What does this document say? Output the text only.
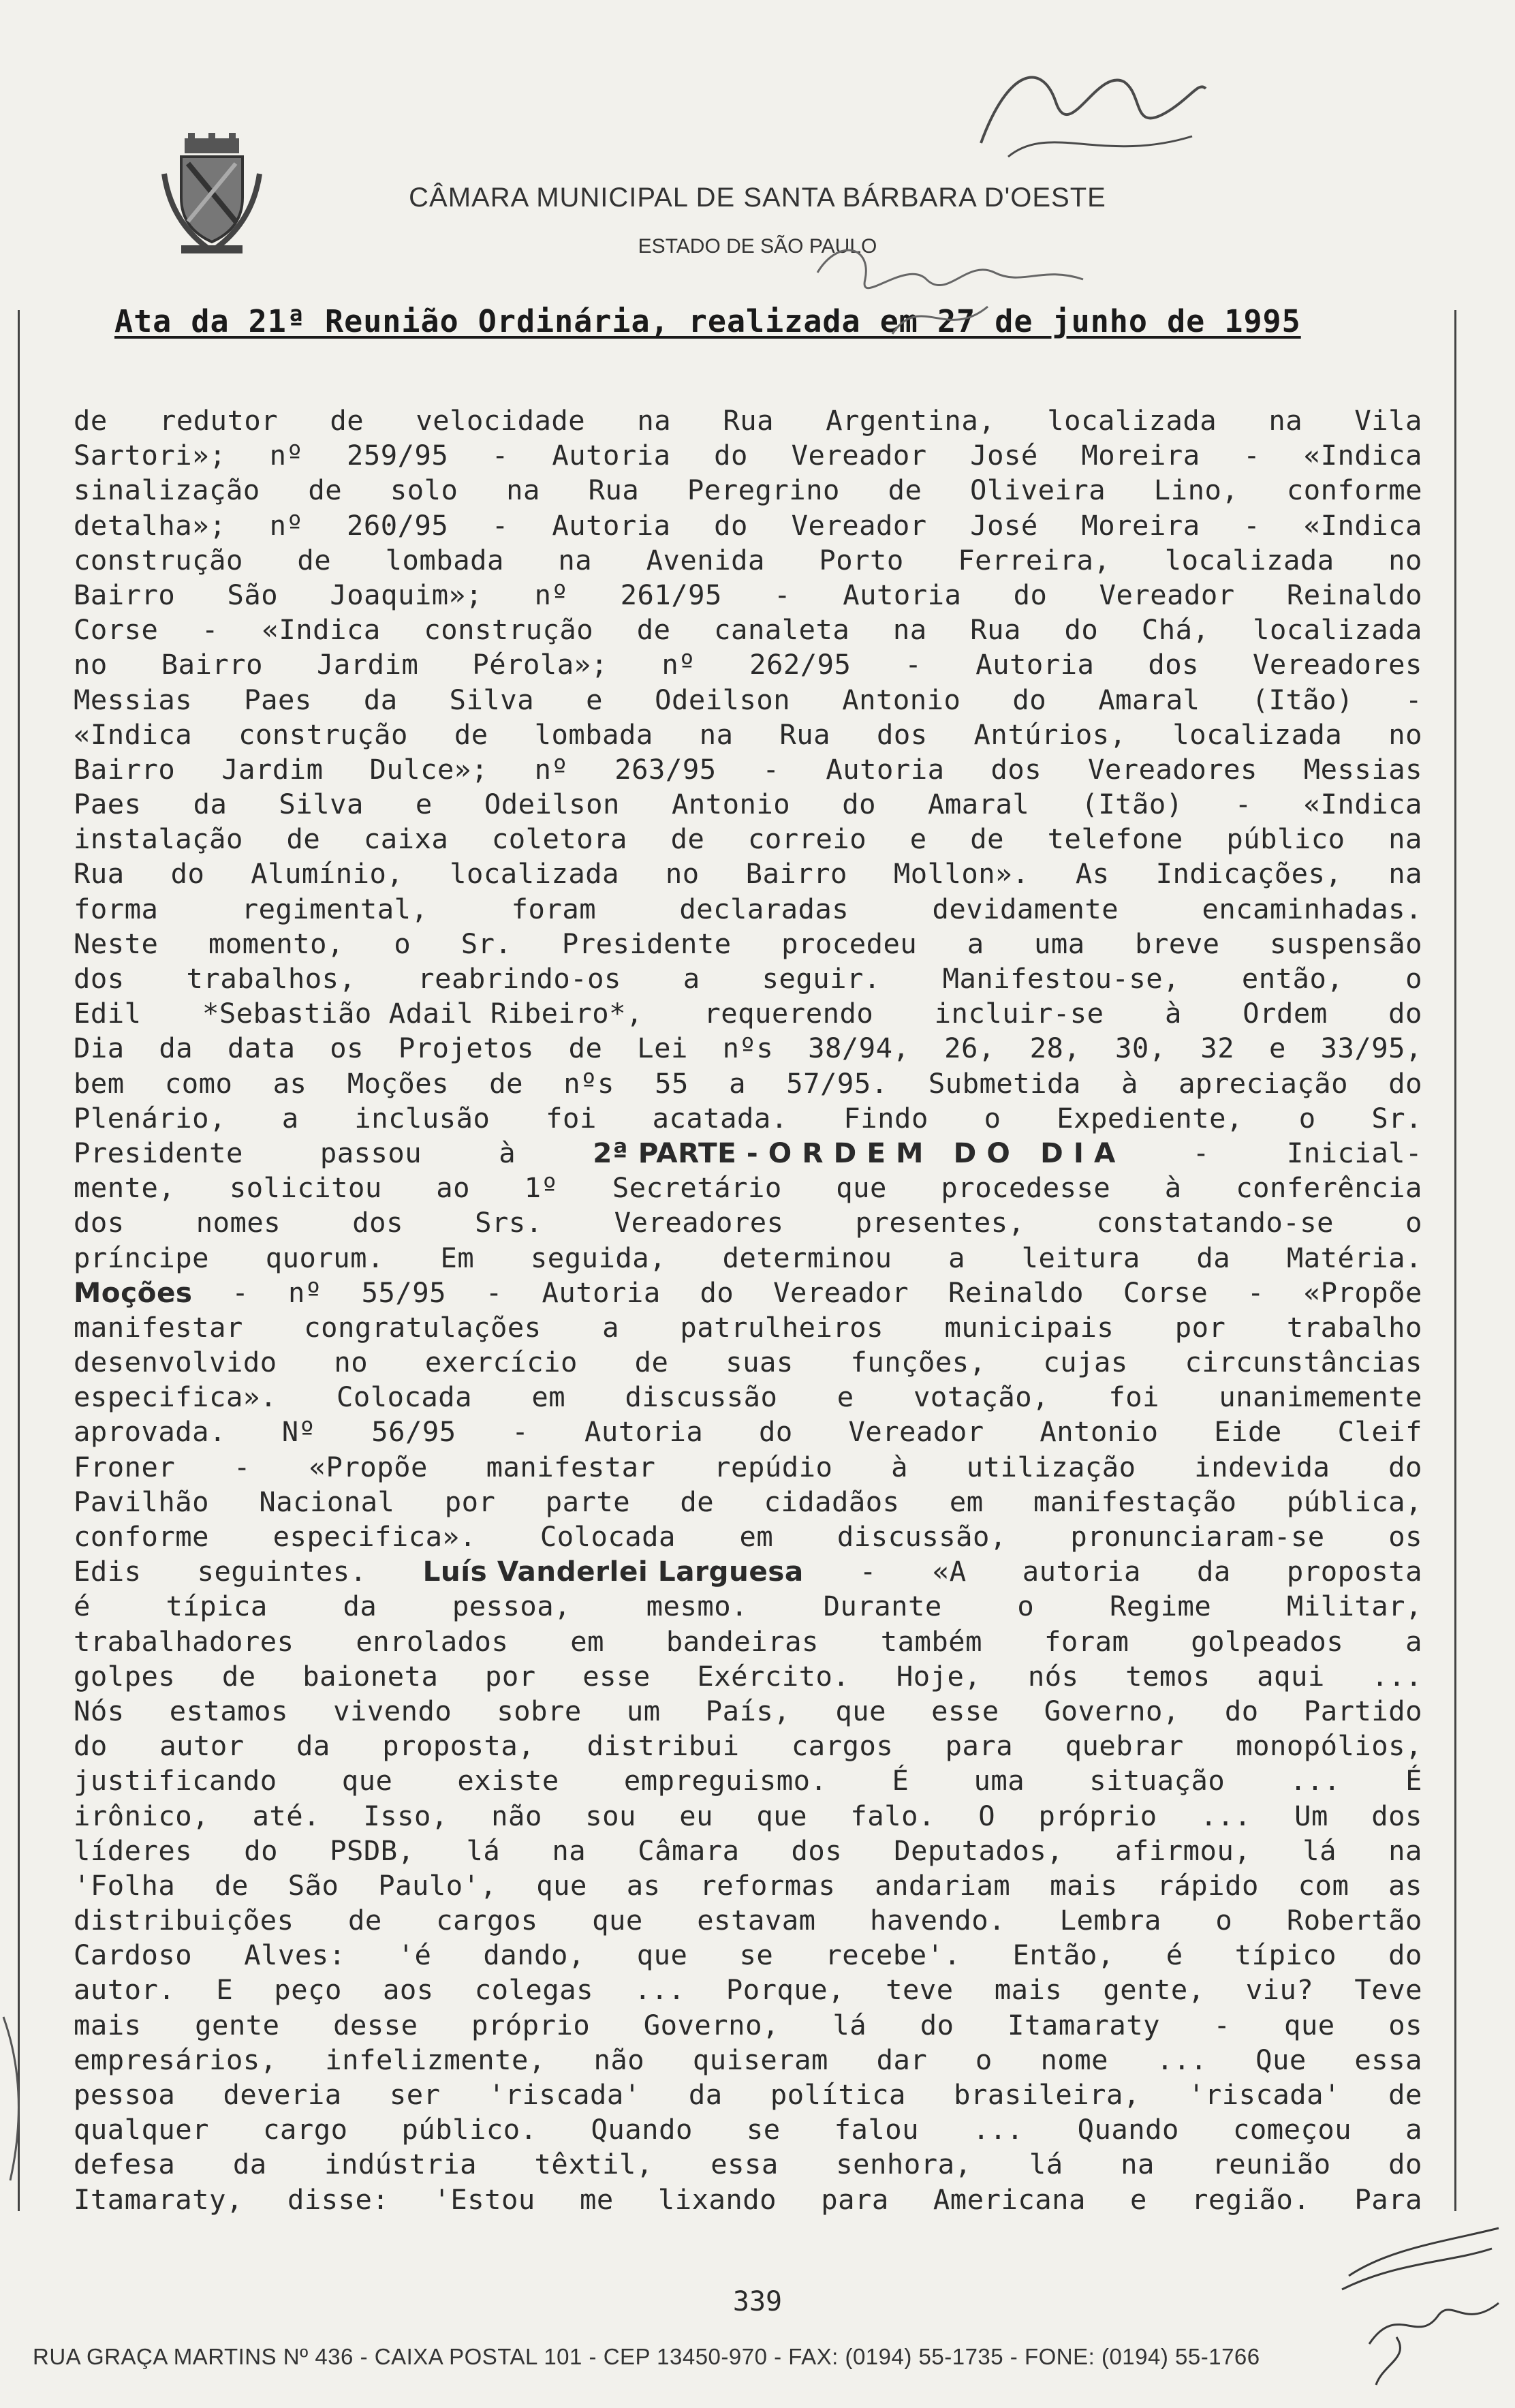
CÂMARA MUNICIPAL DE SANTA BÁRBARA D'OESTE
ESTADO DE SÃO PAULO
Ata da 21ª Reunião Ordinária, realizada em 27 de junho de 1995
de redutor de velocidade na Rua Argentina, localizada na Vila
Sartori»; nº 259/95 - Autoria do Vereador José Moreira - «Indica
sinalização de solo na Rua Peregrino de Oliveira Lino, conforme
detalha»; nº 260/95 - Autoria do Vereador José Moreira - «Indica
construção de lombada na Avenida Porto Ferreira, localizada no
Bairro São Joaquim»; nº 261/95 - Autoria do Vereador Reinaldo
Corse - «Indica construção de canaleta na Rua do Chá, localizada
no Bairro Jardim Pérola»; nº 262/95 - Autoria dos Vereadores
Messias Paes da Silva e Odeilson Antonio do Amaral (Itão) -
«Indica construção de lombada na Rua dos Antúrios, localizada no
Bairro Jardim Dulce»; nº 263/95 - Autoria dos Vereadores Messias
Paes da Silva e Odeilson Antonio do Amaral (Itão) - «Indica
instalação de caixa coletora de correio e de telefone público na
Rua do Alumínio, localizada no Bairro Mollon». As Indicações, na
forma	regimental,	foram	declaradas	devidamente	encaminhadas.
Neste momento, o Sr. Presidente procedeu a uma breve suspensão
dos trabalhos, reabrindo-os a seguir. Manifestou-se, então, o
Edil *Sebastião Adail Ribeiro*, requerendo incluir-se à Ordem do
Dia da data os Projetos de Lei nºs 38/94, 26, 28, 30, 32 e 33/95,
bem como as Moções de nºs 55 a 57/95. Submetida à apreciação do
Plenário, a inclusão foi acatada. Findo o Expediente, o Sr.
Presidente	passou	à	2ª PARTE - O R D E M   D O   D I A	-	Inicial-
mente, solicitou ao 1º Secretário que procedesse à conferência
dos	nomes	dos	Srs.	Vereadores	presentes,	constatando-se	o
príncipe quorum. Em seguida, determinou a leitura da Matéria.
Moções - nº 55/95 - Autoria do Vereador Reinaldo Corse - «Propõe
manifestar congratulações a patrulheiros municipais por trabalho
desenvolvido no exercício de suas funções, cujas circunstâncias
especifica». Colocada em discussão e votação, foi unanimemente
aprovada. Nº 56/95 - Autoria do Vereador Antonio Eide Cleif
Froner - «Propõe manifestar repúdio à utilização indevida do
Pavilhão Nacional por parte de cidadãos em manifestação pública,
conforme especifica». Colocada em discussão, pronunciaram-se os
Edis seguintes. Luís Vanderlei Larguesa - «A autoria da proposta
é	típica	da	pessoa,	mesmo.	Durante	o	Regime	Militar,
trabalhadores enrolados em bandeiras também foram golpeados a
golpes de baioneta por esse Exército. Hoje, nós temos aqui ...
Nós estamos vivendo sobre um País, que esse Governo, do Partido
do autor da proposta, distribui cargos para quebrar monopólios,
justificando que existe empreguismo. É uma situação ... É
irônico, até. Isso, não sou eu que falo. O próprio ... Um dos
líderes do PSDB, lá na Câmara dos Deputados, afirmou, lá na
'Folha de São Paulo', que as reformas andariam mais rápido com as
distribuições de cargos que estavam havendo. Lembra o Robertão
Cardoso Alves: 'é dando, que se recebe'. Então, é típico do
autor. E peço aos colegas ... Porque, teve mais gente, viu? Teve
mais gente desse próprio Governo, lá do Itamaraty - que os
empresários, infelizmente, não quiseram dar o nome ... Que essa
pessoa deveria ser 'riscada' da política brasileira, 'riscada' de
qualquer cargo público. Quando se falou ... Quando começou a
defesa da indústria têxtil, essa senhora, lá na reunião do
Itamaraty, disse: 'Estou me lixando para Americana e região. Para
339
RUA GRAÇA MARTINS Nº 436 - CAIXA POSTAL 101 - CEP 13450-970 - FAX: (0194) 55-1735 - FONE: (0194) 55-1766
